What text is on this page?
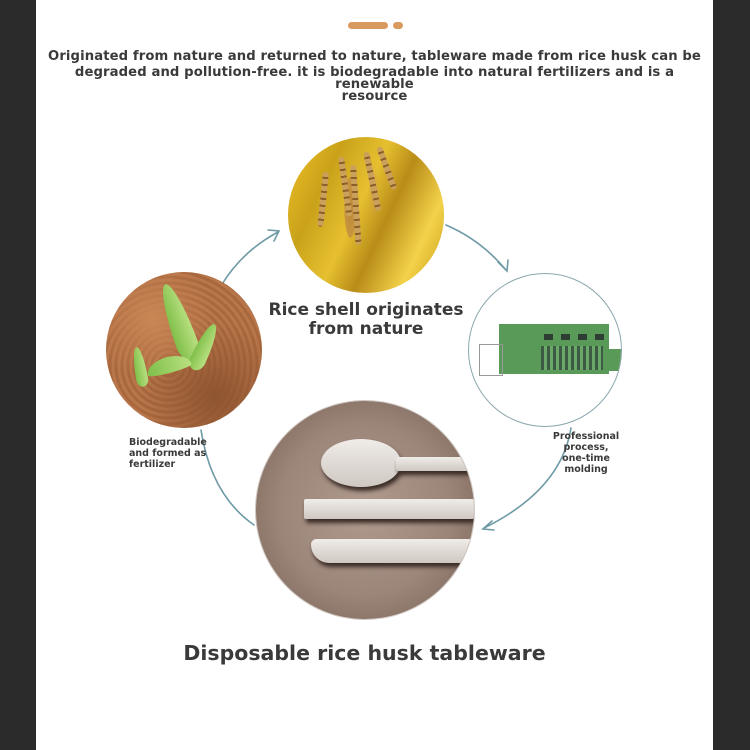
Originated from nature and returned to nature, tableware made from rice husk can be
degraded and pollution-free. it is biodegradable into natural fertilizers and is a renewable
resource
Rice shell originates
from nature
Biodegradable
and formed as
fertilizer
Professional
process,
one-time
molding
Disposable rice husk tableware
